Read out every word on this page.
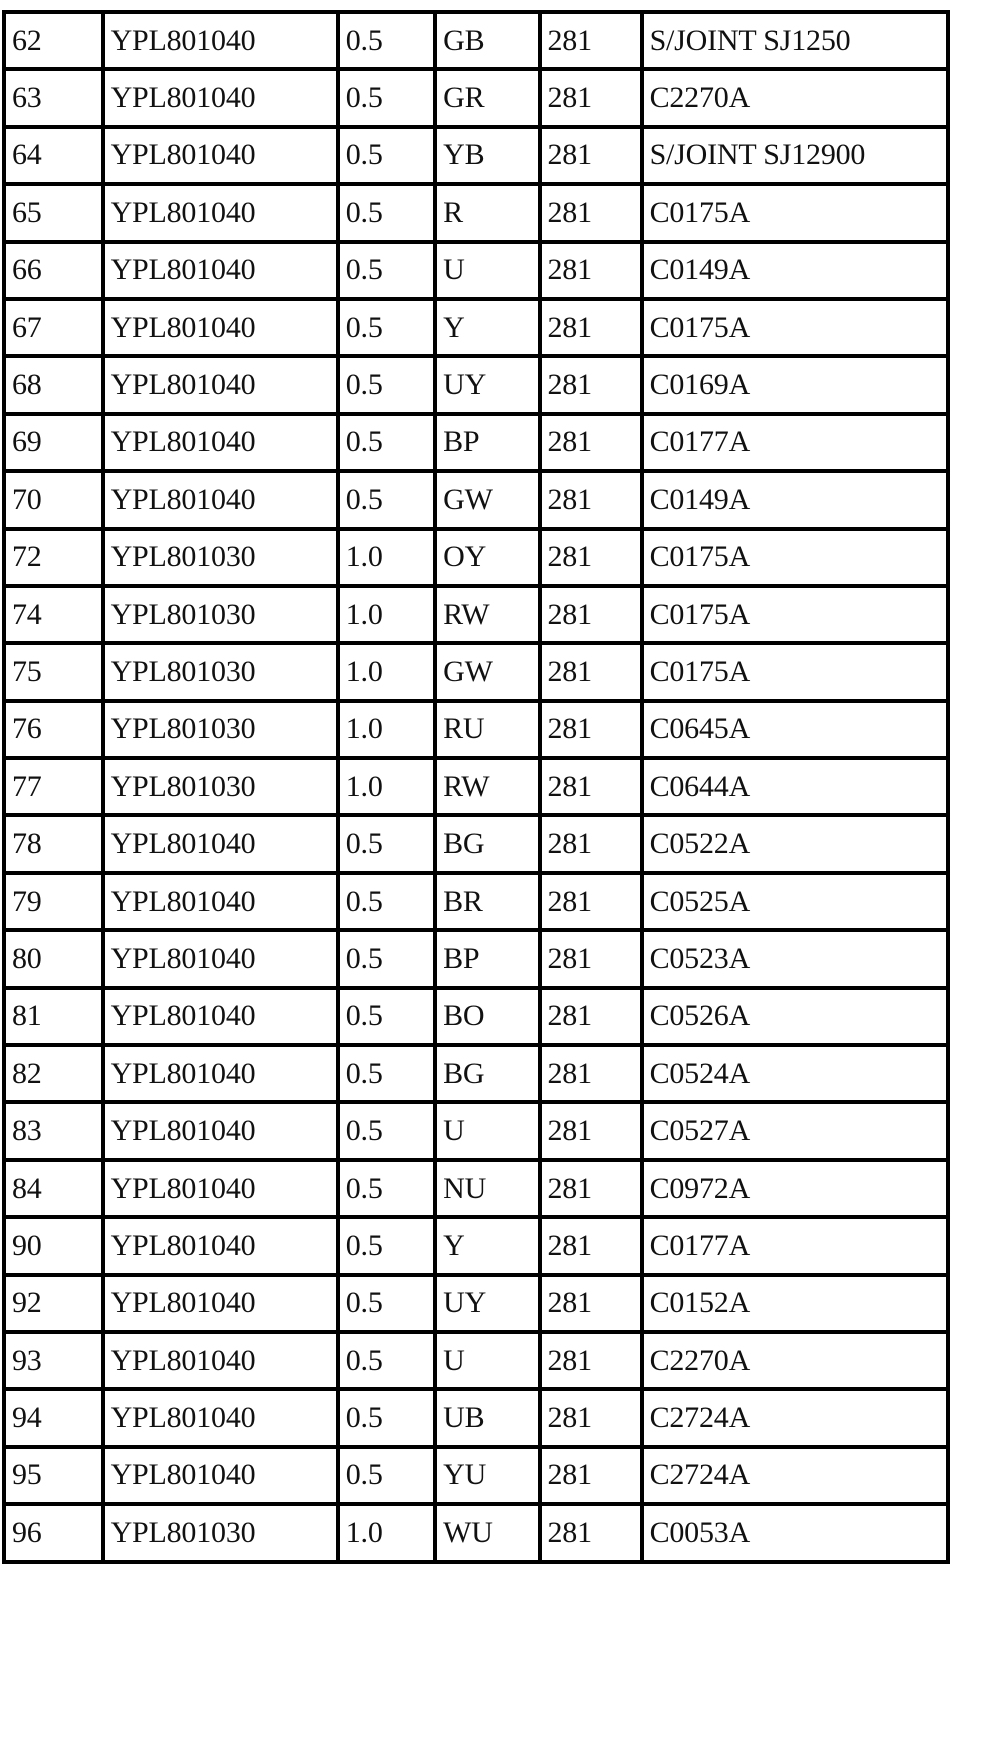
62	YPL801040	0.5	GB	281	S/JOINT SJ1250
63	YPL801040	0.5	GR	281	C2270A
64	YPL801040	0.5	YB	281	S/JOINT SJ12900
65	YPL801040	0.5	R	281	C0175A
66	YPL801040	0.5	U	281	C0149A
67	YPL801040	0.5	Y	281	C0175A
68	YPL801040	0.5	UY	281	C0169A
69	YPL801040	0.5	BP	281	C0177A
70	YPL801040	0.5	GW	281	C0149A
72	YPL801030	1.0	OY	281	C0175A
74	YPL801030	1.0	RW	281	C0175A
75	YPL801030	1.0	GW	281	C0175A
76	YPL801030	1.0	RU	281	C0645A
77	YPL801030	1.0	RW	281	C0644A
78	YPL801040	0.5	BG	281	C0522A
79	YPL801040	0.5	BR	281	C0525A
80	YPL801040	0.5	BP	281	C0523A
81	YPL801040	0.5	BO	281	C0526A
82	YPL801040	0.5	BG	281	C0524A
83	YPL801040	0.5	U	281	C0527A
84	YPL801040	0.5	NU	281	C0972A
90	YPL801040	0.5	Y	281	C0177A
92	YPL801040	0.5	UY	281	C0152A
93	YPL801040	0.5	U	281	C2270A
94	YPL801040	0.5	UB	281	C2724A
95	YPL801040	0.5	YU	281	C2724A
96	YPL801030	1.0	WU	281	C0053A
